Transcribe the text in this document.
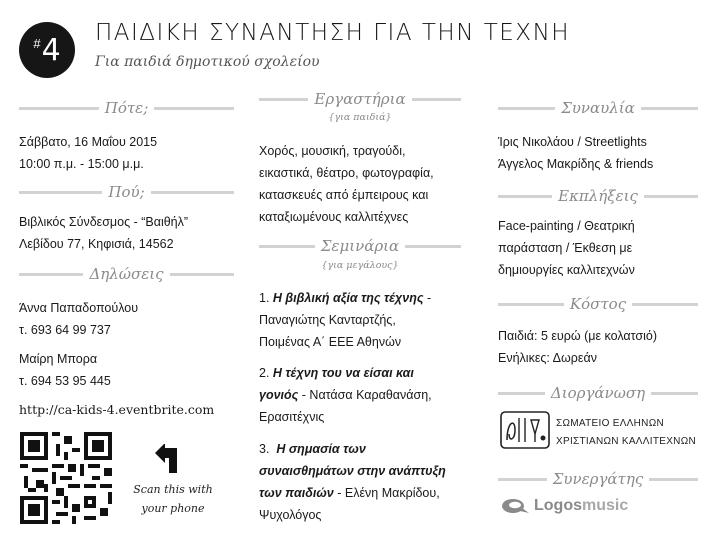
# 4 ΠΑΙΔΙΚΗ ΣΥΝΑΝΤΗΣΗ ΓΙΑ ΤΗΝ ΤΕΧΝΗ
Για παιδιά δημοτικού σχολείου
Πότε;

Σάββατο, 16 Μαΐου 2015

10:00 π.μ. - 15:00 μ.μ.

Πού;

Βιβλικός Σύνδεσμος - “Βαιθήλ”

Λεβίδου 77, Κηφισιά, 14562

Δηλώσεις

Άννα Παπαδοπούλου

τ. 693 64 99 737

Μαίρη Μπορα

τ. 694 53 95 445

http://ca-kids-4.eventbrite.com
Scan this with
your phone
Εργαστήρια
{για παιδιά}

Χορός, μουσική, τραγούδι,

εικαστικά, θέατρο, φωτογραφία,

κατασκευές από έμπειρους και

καταξιωμένους καλλιτέχνες

Σεμινάρια
{για μεγάλους}

1. Η βιβλική αξία της τέχνης -

Παναγιώτης Κανταρτζής,

Ποιμένας Α΄ ΕΕΕ Αθηνών

2. Η τέχνη του να είσαι και

γονιός - Νατάσα Καραθανάση,

Ερασιτέχνις

3. Η σημασία των

συναισθημάτων στην ανάπτυξη

των παιδιών - Ελένη Μακρίδου,

Ψυχολόγος

Συναυλία

Ίρις Νικολάου / Streetlights

Άγγελος Μακρίδης & friends

Εκπλήξεις

Face-painting / Θεατρική

παράσταση / Έκθεση με

δημιουργίες καλλιτεχνών

Κόστος

Παιδιά: 5 ευρώ (με κολατσιό)

Ενήλικες: Δωρεάν

Διοργάνωση
ΣΩΜΑΤΕΙΟ ΕΛΛΗΝΩΝ
ΧΡΙΣΤΙΑΝΩΝ ΚΑΛΛΙΤΕΧΝΩΝ
Συνεργάτης
Logosmusic
